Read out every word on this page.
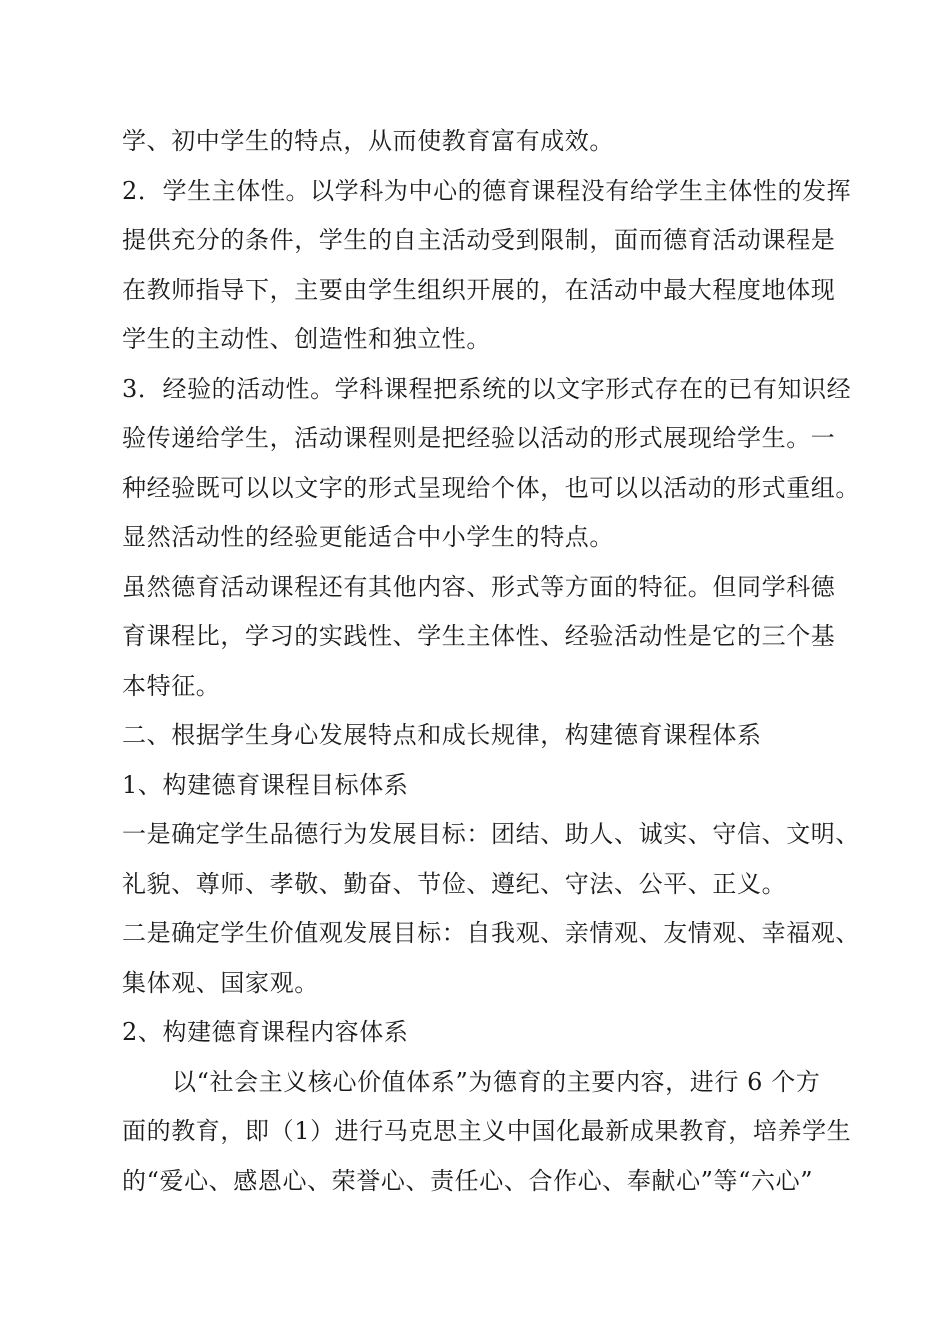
学、初中学生的特点，从而使教育富有成效。
2．学生主体性。以学科为中心的德育课程没有给学生主体性的发挥
提供充分的条件，学生的自主活动受到限制，面而德育活动课程是
在教师指导下，主要由学生组织开展的，在活动中最大程度地体现
学生的主动性、创造性和独立性。
3．经验的活动性。学科课程把系统的以文字形式存在的已有知识经
验传递给学生，活动课程则是把经验以活动的形式展现给学生。一
种经验既可以以文字的形式呈现给个体，也可以以活动的形式重组。
显然活动性的经验更能适合中小学生的特点。
虽然德育活动课程还有其他内容、形式等方面的特征。但同学科德
育课程比，学习的实践性、学生主体性、经验活动性是它的三个基
本特征。
二、根据学生身心发展特点和成长规律，构建德育课程体系
1、构建德育课程目标体系
一是确定学生品德行为发展目标：团结、助人、诚实、守信、文明、
礼貌、尊师、孝敬、勤奋、节俭、遵纪、守法、公平、正义。
二是确定学生价值观发展目标：自我观、亲情观、友情观、幸福观、
集体观、国家观。
2、构建德育课程内容体系
以“社会主义核心价值体系”为德育的主要内容，进行 6 个方
面的教育，即（1）进行马克思主义中国化最新成果教育，培养学生
的“爱心、感恩心、荣誉心、责任心、合作心、奉献心”等“六心”
